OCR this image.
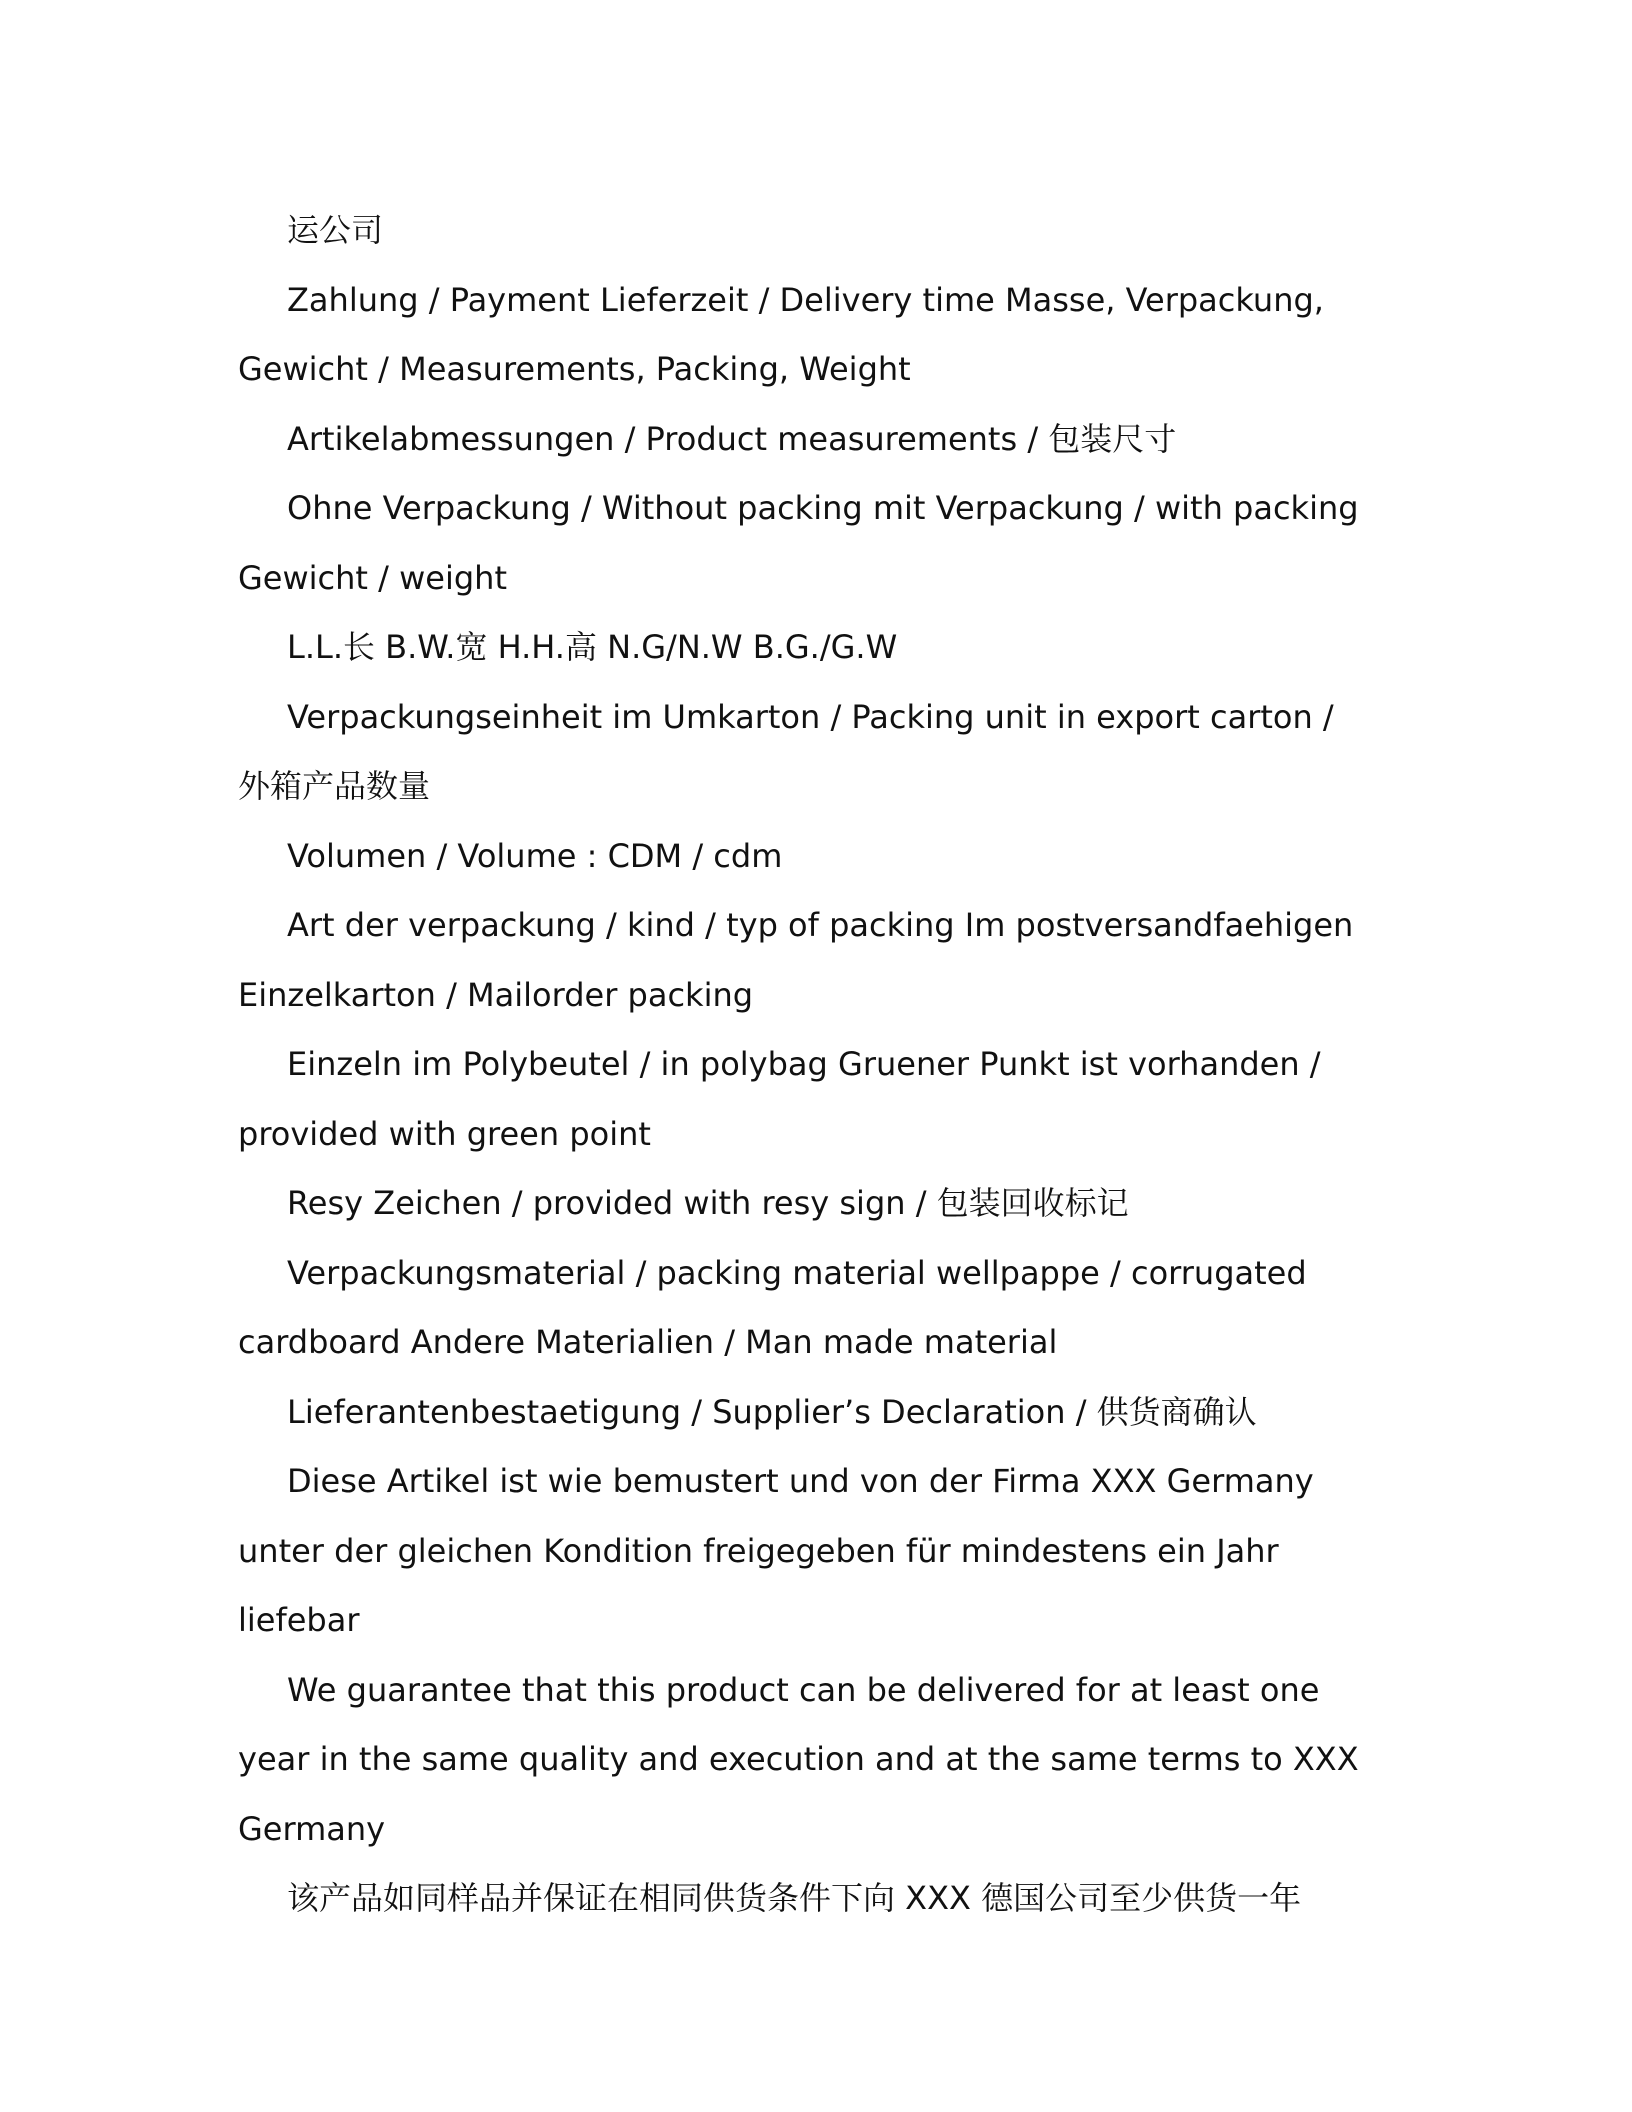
运公司

Zahlung / Payment Lieferzeit / Delivery time Masse, Verpackung, Gewicht / Measurements, Packing, Weight

Artikelabmessungen / Product measurements / 包装尺寸

Ohne Verpackung / Without packing mit Verpackung / with packing Gewicht / weight

L.L.长 B.W.宽 H.H.高 N.G/N.W B.G./G.W

Verpackungseinheit im Umkarton / Packing unit in export carton / 外箱产品数量

Volumen / Volume : CDM / cdm

Art der verpackung / kind / typ of packing Im postversandfaehigen Einzelkarton / Mailorder packing

Einzeln im Polybeutel / in polybag Gruener Punkt ist vorhanden / provided with green point

Resy Zeichen / provided with resy sign / 包装回收标记

Verpackungsmaterial / packing material wellpappe / corrugated cardboard Andere Materialien / Man made material

Lieferantenbestaetigung / Supplier’s Declaration / 供货商确认

Diese Artikel ist wie bemustert und von der Firma XXX Germany unter der gleichen Kondition freigegeben für mindestens ein Jahr liefebar

We guarantee that this product can be delivered for at least one year in the same quality and execution and at the same terms to XXX Germany

该产品如同样品并保证在相同供货条件下向 XXX 德国公司至少供货一年
